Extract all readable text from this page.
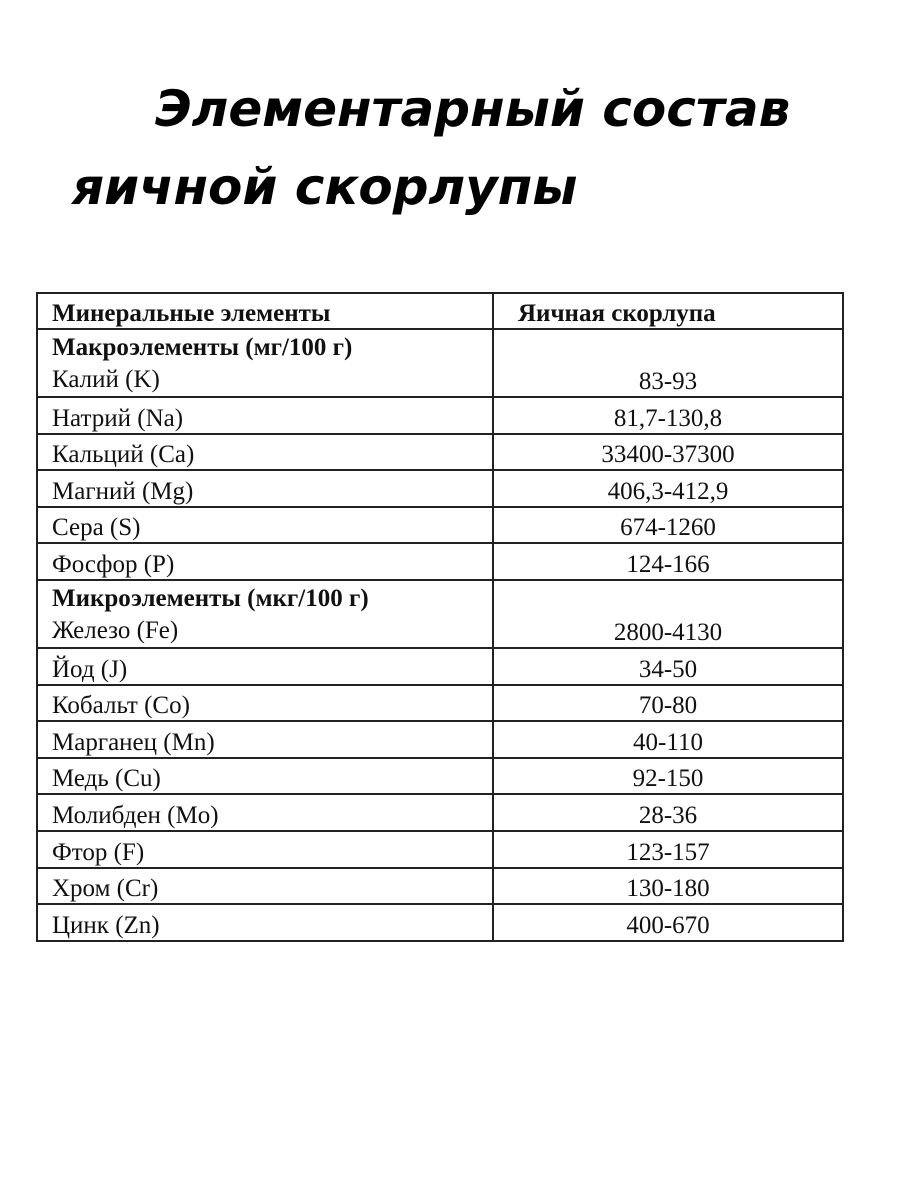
Элементарный состав
яичной скорлупы
Минеральные элементы	Яичная скорлупа

Макроэлементы (мг/100 г)
Калий (K)	83-93
Натрий (Na)	81,7-130,8
Кальций (Ca)	33400-37300
Магний (Mg)	406,3-412,9
Сера (S)	674-1260
Фосфор (P)	124-166

Микроэлементы (мкг/100 г)
Железо (Fe)	2800-4130
Йод (J)	34-50
Кобальт (Co)	70-80
Марганец (Mn)	40-110
Медь (Cu)	92-150
Молибден (Mo)	28-36
Фтор (F)	123-157
Хром (Cr)	130-180
Цинк (Zn)	400-670
